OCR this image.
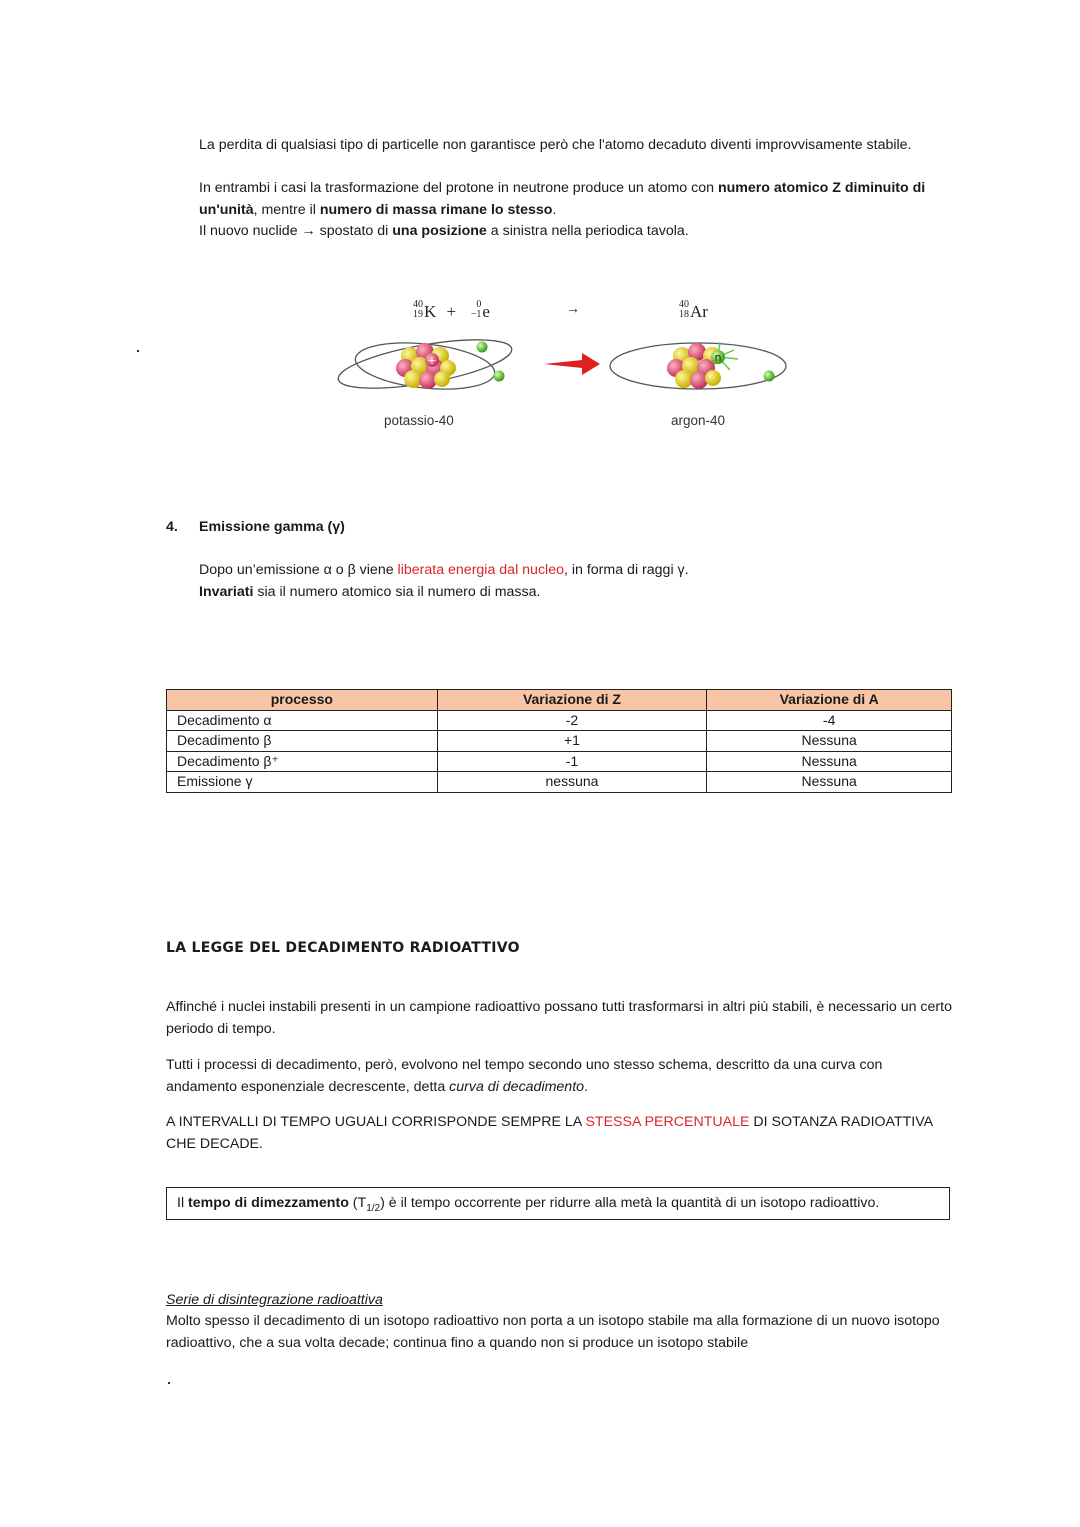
La perdita di qualsiasi tipo di particelle non garantisce però che l'atomo decaduto diventi improvvisamente stabile.
In entrambi i casi la trasformazione del protone in neutrone produce un atomo con numero atomico Z diminuito di
un'unità, mentre il numero di massa rimane lo stesso.
Il nuovo nuclide → spostato di una posizione a sinistra nella periodica tavola.
40
19 K + 0
−1 e	→	40
18 Ar
+	n
potassio-40	argon-40
4. Emissione gamma (γ)
Dopo un’emissione α o β viene liberata energia dal nucleo, in forma di raggi γ.
Invariati sia il numero atomico sia il numero di massa.
processo	Variazione di Z	Variazione di A
Decadimento α	-2	-4
Decadimento β	+1	Nessuna
Decadimento β⁺	-1	Nessuna
Emissione γ	nessuna	Nessuna
LA LEGGE DEL DECADIMENTO RADIOATTIVO
Affinché i nuclei instabili presenti in un campione radioattivo possano tutti trasformarsi in altri più stabili, è necessario un certo periodo di tempo.
Tutti i processi di decadimento, però, evolvono nel tempo secondo uno stesso schema, descritto da una curva con andamento esponenziale decrescente, detta curva di decadimento.
A INTERVALLI DI TEMPO UGUALI CORRISPONDE SEMPRE LA STESSA PERCENTUALE DI SOTANZA RADIOATTIVA CHE DECADE.
Il tempo di dimezzamento $(T_{1/2})$ è il tempo occorrente per ridurre alla metà la quantità di un isotopo radioattivo.
Serie di disintegrazione radioattiva
Molto spesso il decadimento di un isotopo radioattivo non porta a un isotopo stabile ma alla formazione di un nuovo isotopo radioattivo, che a sua volta decade; continua fino a quando non si produce un isotopo stabile
